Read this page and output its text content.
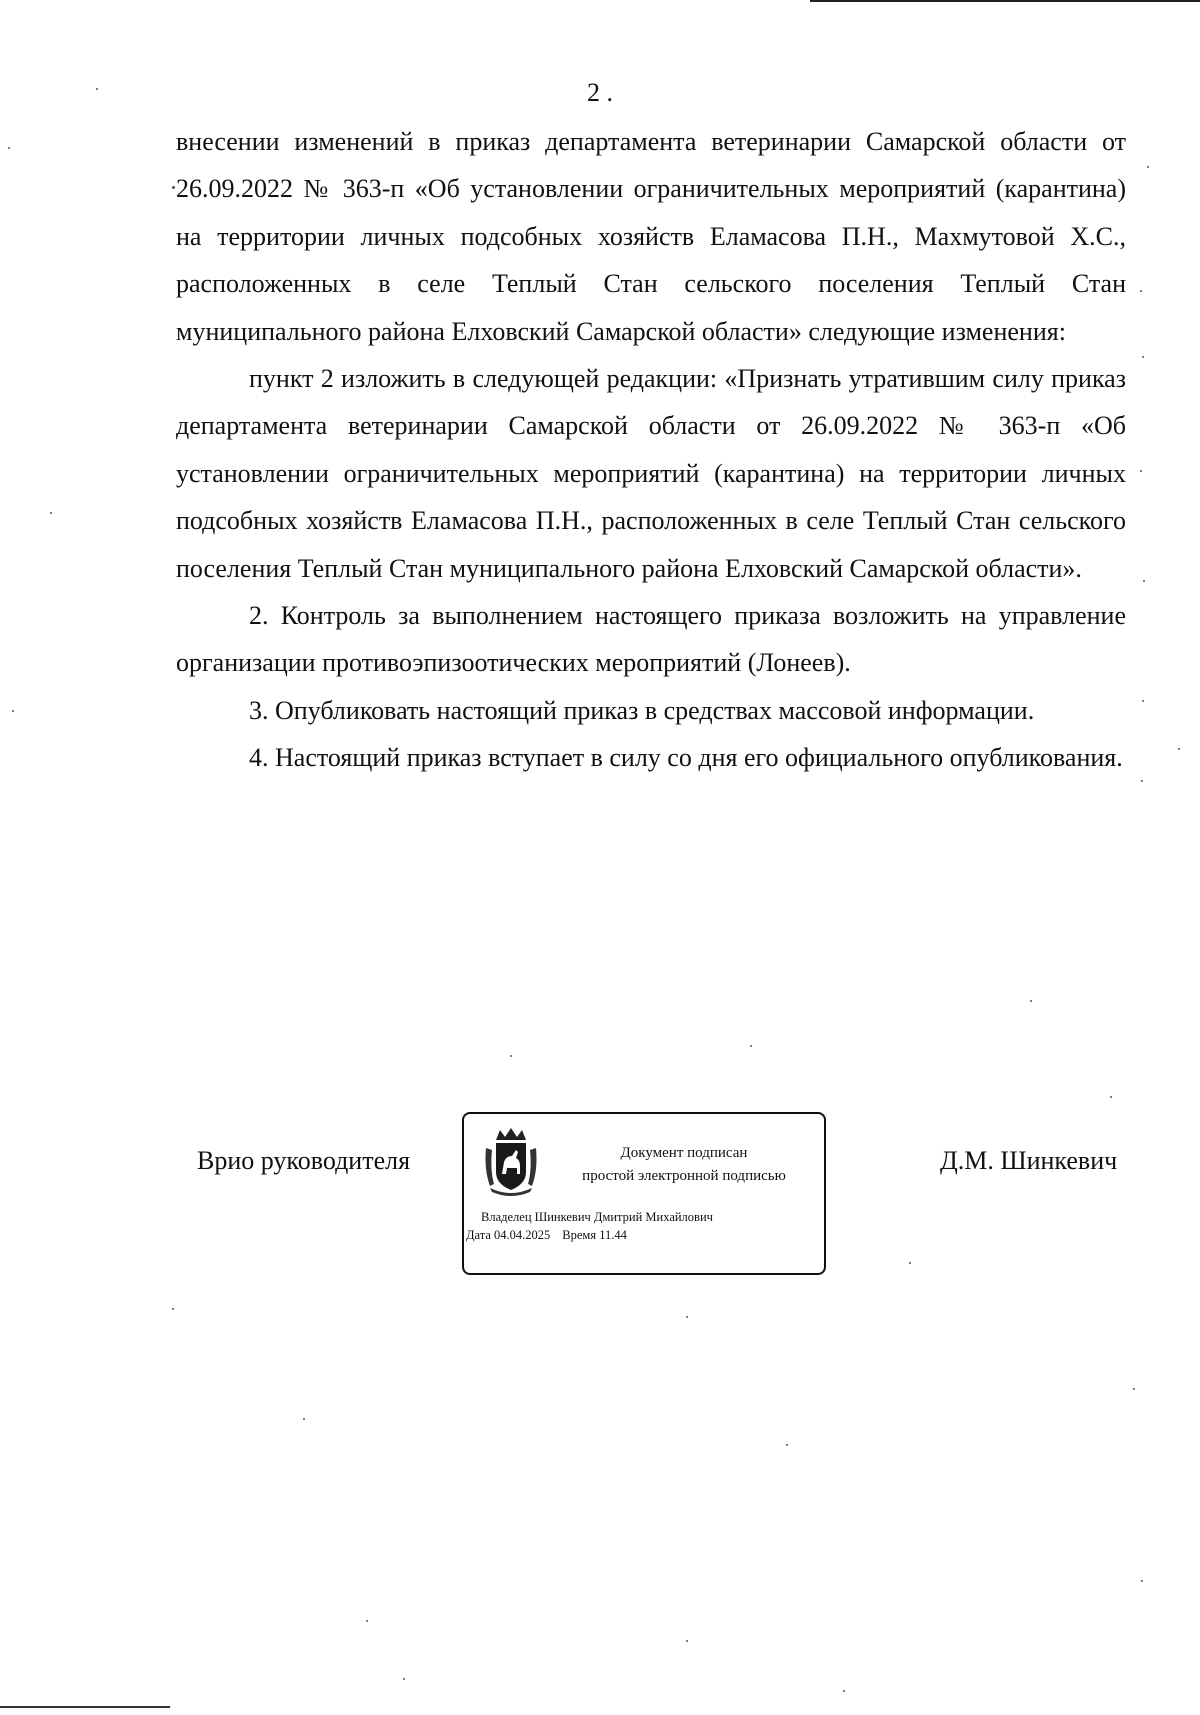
2 .

внесении изменений в приказ департамента ветеринарии Самарской области от 26.09.2022 № 363-п «Об установлении ограничительных мероприятий (карантина) на территории личных подсобных хозяйств Еламасова П.Н., Махмутовой Х.С., расположенных в селе Теплый Стан сельского поселения Теплый Стан муниципального района Елховский Самарской области» следующие изменения:

пункт 2 изложить в следующей редакции: «Признать утратившим силу приказ департамента ветеринарии Самарской области от 26.09.2022 № 363-п «Об установлении ограничительных мероприятий (карантина) на территории личных подсобных хозяйств Еламасова П.Н., расположенных в селе Теплый Стан сельского поселения Теплый Стан муниципального района Елховский Самарской области».

2. Контроль за выполнением настоящего приказа возложить на управление организации противоэпизоотических мероприятий (Лонеев).

3. Опубликовать настоящий приказ в средствах массовой информации.

4. Настоящий приказ вступает в силу со дня его официального опубликования.

Врио руководителя	Документ подписан
простой электронной подписью
Владелец Шинкевич Дмитрий Михайлович
Дата 04.04.2025 Время 11.44
Д.М. Шинкевич
